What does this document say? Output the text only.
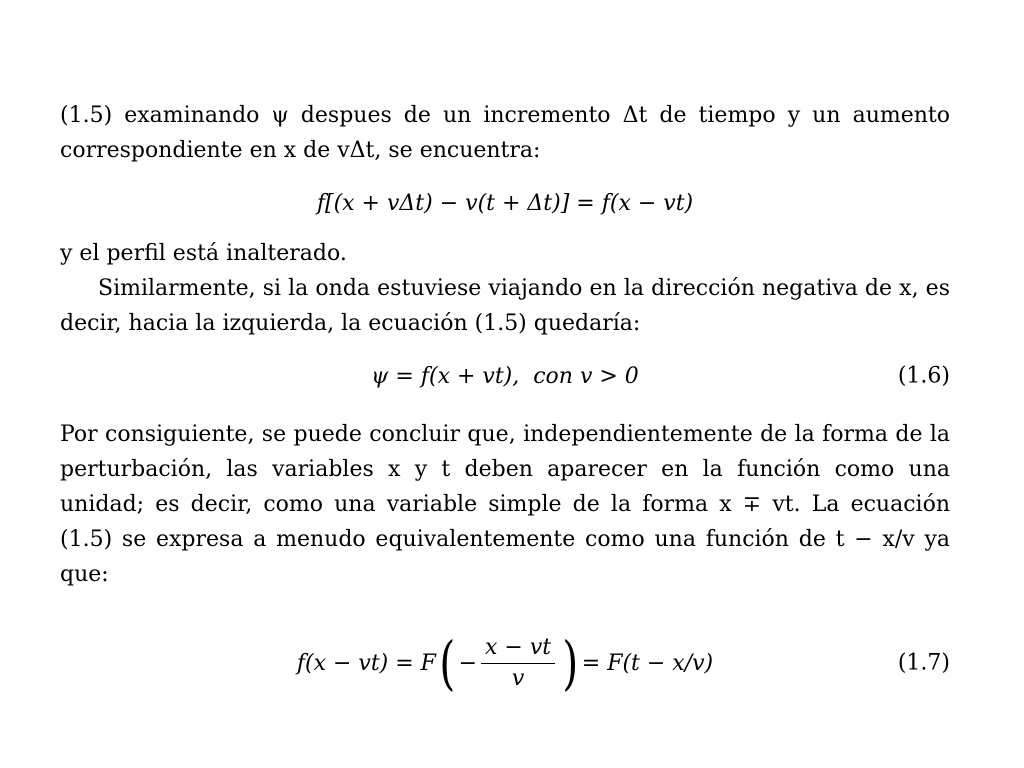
(1.5) examinando ψ despues de un incremento Δt de tiempo y un aumento correspondiente en x de vΔt, se encuentra:

f[(x + vΔt) − v(t + Δt)] = f(x − vt)

y el perfil está inalterado.

Similarmente, si la onda estuviese viajando en la dirección negativa de x, es decir, hacia la izquierda, la ecuación (1.5) quedaría:

ψ = f(x + vt),  con v > 0	(1.6)

Por consiguiente, se puede concluir que, independientemente de la forma de la perturbación, las variables x y t deben aparecer en la función como una unidad; es decir, como una variable simple de la forma x ∓ vt. La ecuación (1.5) se expresa a menudo equivalentemente como una función de t − x/v ya que:

f(x − vt) = F ( − $\frac{x - vt}{v}$ ) = F(t − x/v)	(1.7)
